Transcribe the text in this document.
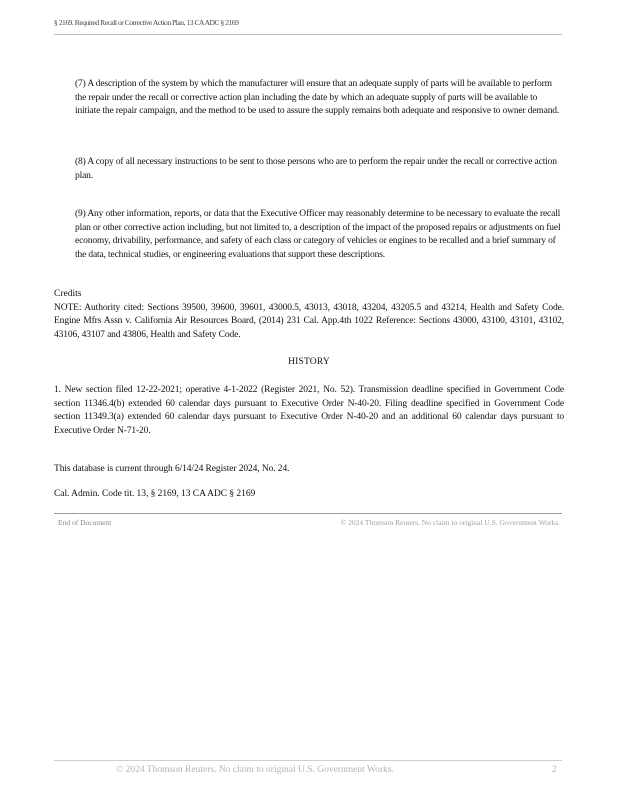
§ 2169. Required Recall or Corrective Action Plan, 13 CA ADC § 2169

(7) A description of the system by which the manufacturer will ensure that an adequate supply of parts will be available to perform the repair under the recall or corrective action plan including the date by which an adequate supply of parts will be available to initiate the repair campaign, and the method to be used to assure the supply remains both adequate and responsive to owner demand.

(8) A copy of all necessary instructions to be sent to those persons who are to perform the repair under the recall or corrective action plan.

(9) Any other information, reports, or data that the Executive Officer may reasonably determine to be necessary to evaluate the recall plan or other corrective action including, but not limited to, a description of the impact of the proposed repairs or adjustments on fuel economy, drivability, performance, and safety of each class or category of vehicles or engines to be recalled and a brief summary of the data, technical studies, or engineering evaluations that support these descriptions.

Credits

NOTE: Authority cited: Sections 39500, 39600, 39601, 43000.5, 43013, 43018, 43204, 43205.5 and 43214, Health and Safety Code. Engine Mfrs Assn v. California Air Resources Board, (2014) 231 Cal. App.4th 1022 Reference: Sections 43000, 43100, 43101, 43102, 43106, 43107 and 43806, Health and Safety Code.

HISTORY

1. New section filed 12-22-2021; operative 4-1-2022 (Register 2021, No. 52). Transmission deadline specified in Government Code section 11346.4(b) extended 60 calendar days pursuant to Executive Order N-40-20. Filing deadline specified in Government Code section 11349.3(a) extended 60 calendar days pursuant to Executive Order N-40-20 and an additional 60 calendar days pursuant to Executive Order N-71-20.

This database is current through 6/14/24 Register 2024, No. 24.
Cal. Admin. Code tit. 13, § 2169, 13 CA ADC § 2169
End of Document	© 2024 Thomson Reuters. No claim to original U.S. Government Works.
© 2024 Thomson Reuters. No claim to original U.S. Government Works.	2
